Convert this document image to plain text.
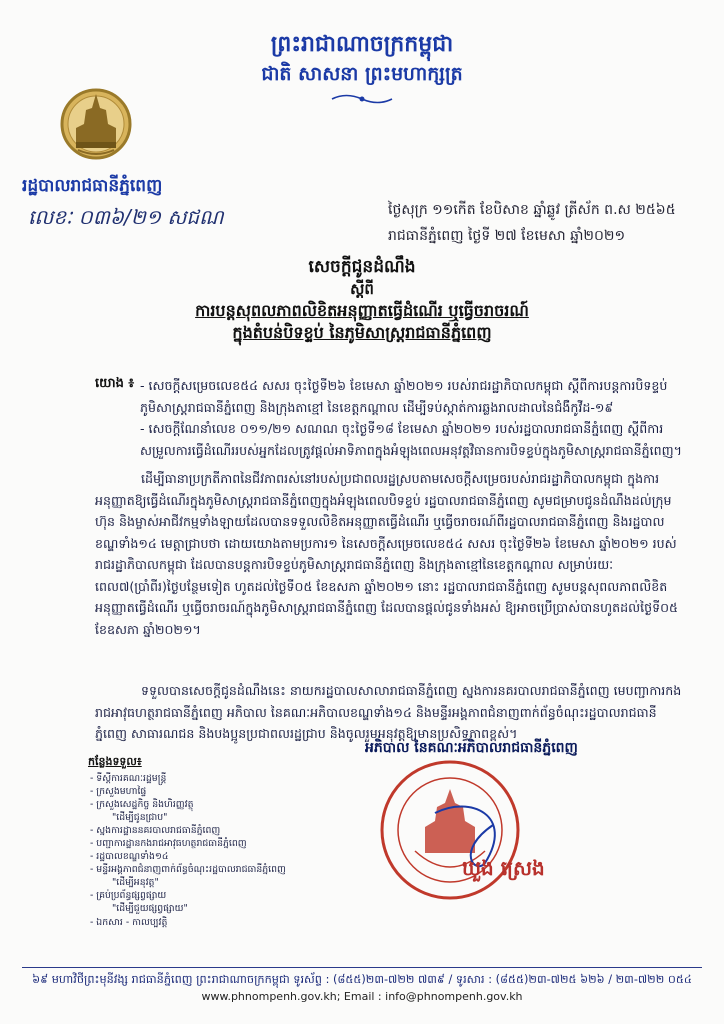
ព្រះរាជាណាចក្រកម្ពុជា
ជាតិ សាសនា ព្រះមហាក្សត្រ
រដ្ឋបាលរាជធានីភ្នំពេញ
លេខៈ ០៣៦/២១ សជណ	ថ្ងៃសុក្រ ១១កើត ខែបិសាខ ឆ្នាំឆ្លូវ ត្រីស័ក ព.ស ២៥៦៥
រាជធានីភ្នំពេញ ថ្ងៃទី ២៧ ខែមេសា ឆ្នាំ២០២១
សេចក្តីជូនដំណឹង
ស្តីពី
ការបន្តសុពលភាពលិខិតអនុញ្ញាតធ្វើដំណើរ ឬធ្វើចរាចរណ៍
ក្នុងតំបន់បិទខ្ទប់ នៃភូមិសាស្ត្ររាជធានីភ្នំពេញ
យោង ៖ - សេចក្តីសម្រេចលេខ៥៤ សសរ ចុះថ្ងៃទី២៦ ខែមេសា ឆ្នាំ២០២១ របស់រាជរដ្ឋាភិបាលកម្ពុជា ស្តីពីការបន្តការបិទខ្ទប់ភូមិសាស្ត្ររាជធានីភ្នំពេញ និងក្រុងតាខ្មៅ នៃខេត្តកណ្តាល ដើម្បីទប់ស្កាត់ការឆ្លងរាលដាលនៃជំងឺកូវីដ-១៩
- សេចក្តីណែនាំលេខ ០១១/២១ សណណ ចុះថ្ងៃទី១៨ ខែមេសា ឆ្នាំ២០២១ របស់រដ្ឋបាលរាជធានីភ្នំពេញ ស្តីពីការសម្រួលការធ្វើដំណើររបស់អ្នកដែលត្រូវផ្តល់អាទិភាពក្នុងអំឡុងពេលអនុវត្តវិធានការបិទខ្ទប់ក្នុងភូមិសាស្ត្ររាជធានីភ្នំពេញ។
ដើម្បីធានាប្រក្រតីភាពនៃជីវភាពរស់នៅរបស់ប្រជាពលរដ្ឋស្របតាមសេចក្តីសម្រេចរបស់រាជរដ្ឋាភិបាលកម្ពុជា ក្នុងការអនុញ្ញាតឱ្យធ្វើដំណើរក្នុងភូមិសាស្ត្ររាជធានីភ្នំពេញក្នុងអំឡុងពេលបិទខ្ទប់ រដ្ឋបាលរាជធានីភ្នំពេញ សូមជម្រាបជូនដំណឹងដល់ក្រុមហ៊ុន និងម្ចាស់អាជីវកម្មទាំងឡាយដែលបានទទួលលិខិតអនុញ្ញាតធ្វើដំណើរ ឬធ្វើចរាចរណ៍ពីរដ្ឋបាលរាជធានីភ្នំពេញ និងរដ្ឋបាលខណ្ឌទាំង១៤ មេត្តាជ្រាបថា ដោយយោងតាមប្រការ១ នៃសេចក្តីសម្រេចលេខ៥៤ សសរ ចុះថ្ងៃទី២៦ ខែមេសា ឆ្នាំ២០២១ របស់រាជរដ្ឋាភិបាលកម្ពុជា ដែលបានបន្តការបិទខ្ទប់ភូមិសាស្ត្ររាជធានីភ្នំពេញ និងក្រុងតាខ្មៅនៃខេត្តកណ្តាល សម្រាប់រយៈពេល៧(ប្រាំពីរ)ថ្ងៃបន្ថែមទៀត ហូតដល់ថ្ងៃទី០៥ ខែឧសភា ឆ្នាំ២០២១ នោះ រដ្ឋបាលរាជធានីភ្នំពេញ សូមបន្តសុពលភាពលិខិតអនុញ្ញាតធ្វើដំណើរ ឬធ្វើចរាចរណ៍ក្នុងភូមិសាស្ត្ររាជធានីភ្នំពេញ ដែលបានផ្តល់ជូនទាំងអស់ ឱ្យអាចប្រើប្រាស់បានហូតដល់ថ្ងៃទី០៥ ខែឧសភា ឆ្នាំ២០២១។
ទទួលបានសេចក្តីជូនដំណឹងនេះ នាយករដ្ឋបាលសាលារាជធានីភ្នំពេញ ស្នងការនគរបាលរាជធានីភ្នំពេញ មេបញ្ជាការកងរាជអាវុធហត្ថរាជធានីភ្នំពេញ អភិបាល នៃគណៈអភិបាលខណ្ឌទាំង១៤ និងមន្ទីរអង្គភាពជំនាញពាក់ព័ន្ធចំណុះរដ្ឋបាលរាជធានីភ្នំពេញ សាធារណជន និងបងប្អូនប្រជាពលរដ្ឋជ្រាប និងចូលរួមអនុវត្តឱ្យមានប្រសិទ្ធភាពខ្ពស់។
អភិបាល នៃគណៈអភិបាលរាជធានីភ្នំពេញ
ឃួង ស្រេង
កន្លែងទទួល៖
- ទីស្តីការគណៈរដ្ឋមន្ត្រី
- ក្រសួងមហាផ្ទៃ
- ក្រសួងសេដ្ឋកិច្ច និងហិរញ្ញវត្ថុ
"ដើម្បីជូនជ្រាប"
- ស្នងការដ្ឋាននគរបាលរាជធានីភ្នំពេញ
- បញ្ជាការដ្ឋានកងរាជអាវុធហត្ថរាជធានីភ្នំពេញ
- រដ្ឋបាលខណ្ឌទាំង១៤
- មន្ទីរអង្គភាពជំនាញពាក់ព័ន្ធចំណុះរដ្ឋបាលរាជធានីភ្នំពេញ
"ដើម្បីអនុវត្ត"
- គ្រប់ប្រព័ន្ធផ្សព្វផ្សាយ
"ដើម្បីជួយផ្សព្វផ្សាយ"
- ឯកសារ - កាលប្បវត្តិ
៦៩ មហាវិថីព្រះមុនីវង្ស រាជធានីភ្នំពេញ ព្រះរាជាណាចក្រកម្ពុជា ទូរស័ព្ទ : (៨៥៥)២៣-៧២២ ៧៣៩ / ទូរសារ : (៨៥៥)២៣-៧២៥ ៦២៦ / ២៣-៧២២ ០៥៤
www.phnompenh.gov.kh; Email : info@phnompenh.gov.kh
